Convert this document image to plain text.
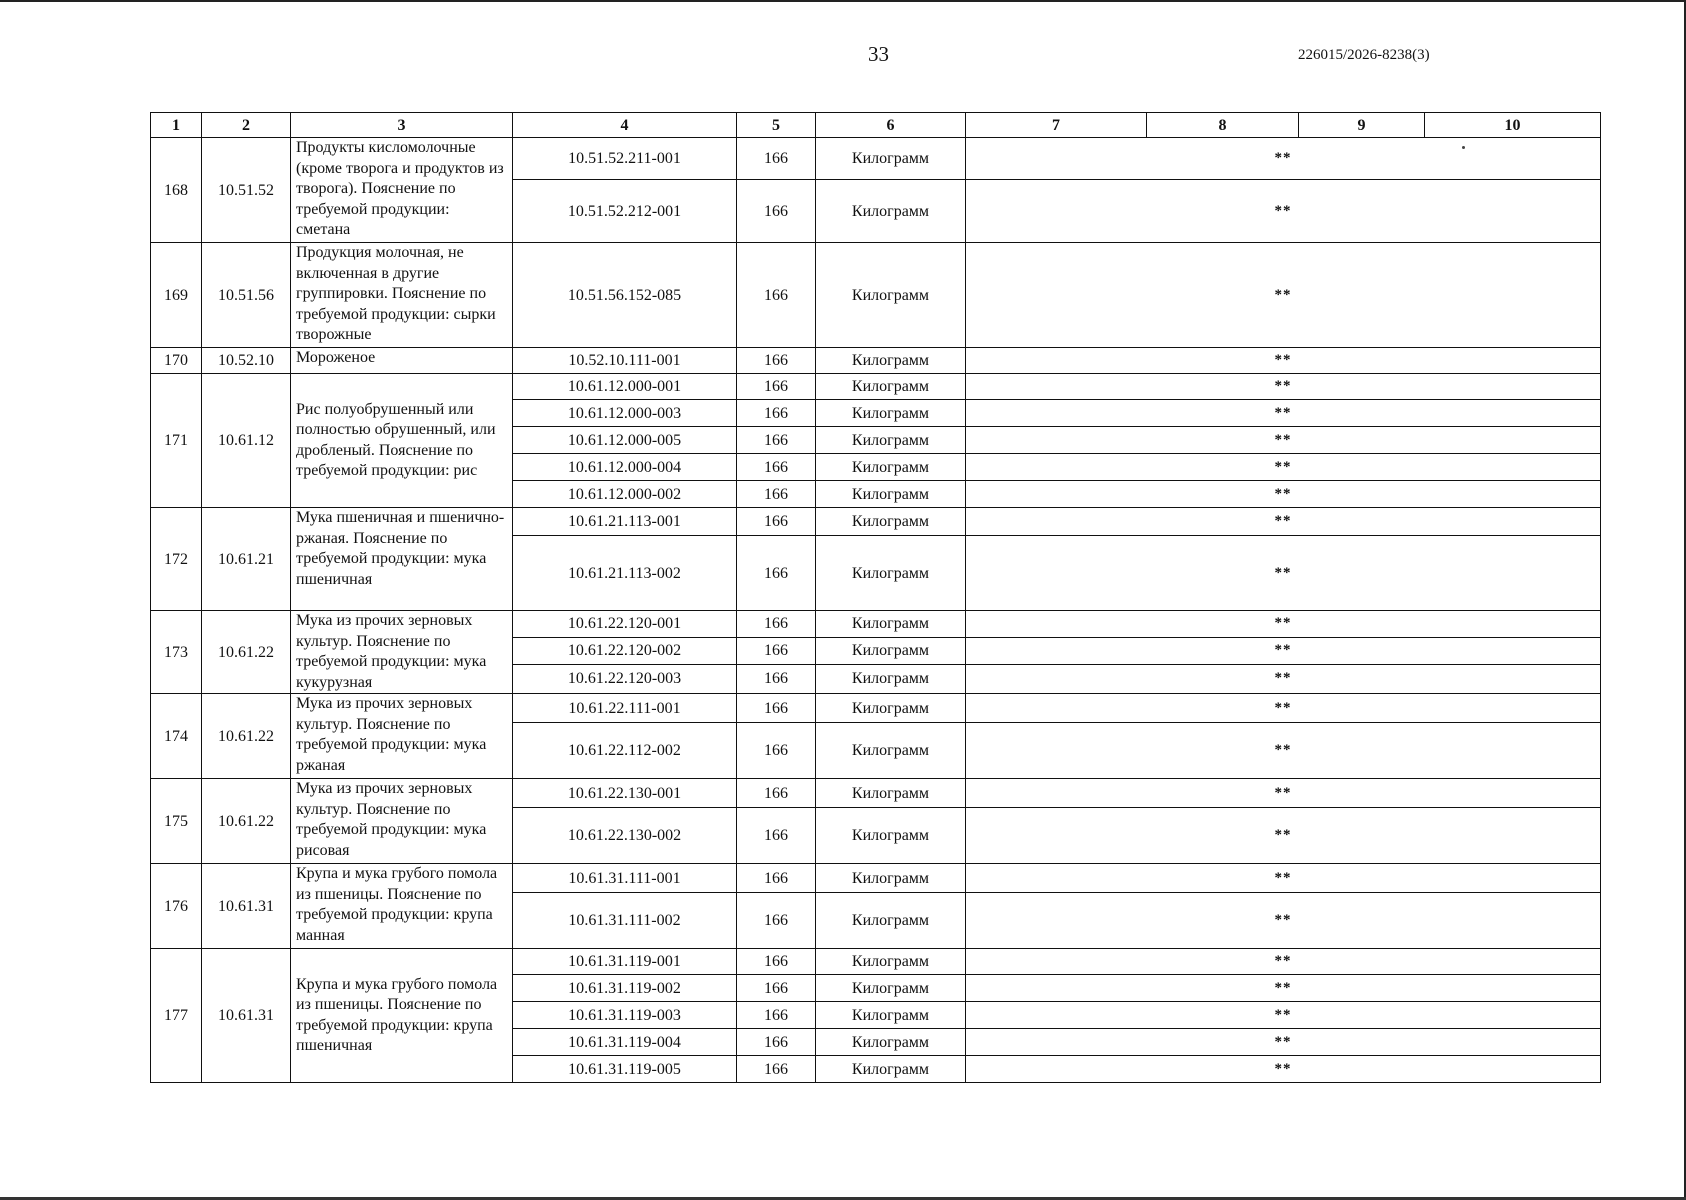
33	226015/2026-8238(3)
1	2	3	4	5	6	7	8	9	10
168	10.51.52	Продукты кисломолочные (кроме творога и продуктов из творога). Пояснение по требуемой продукции: сметана	10.51.52.211-001	166	Килограмм	**			
			10.51.52.212-001	166	Килограмм	**			
169	10.51.56	Продукция молочная, не включенная в другие группировки. Пояснение по требуемой продукции: сырки творожные	10.51.56.152-085	166	Килограмм	**			
170	10.52.10	Мороженое	10.52.10.111-001	166	Килограмм	**			
171	10.61.12	Рис полуобрушенный или полностью обрушенный, или дробленый. Пояснение по требуемой продукции: рис	10.61.12.000-001	166	Килограмм	**			
			10.61.12.000-003	166	Килограмм	**			
			10.61.12.000-005	166	Килограмм	**			
			10.61.12.000-004	166	Килограмм	**			
			10.61.12.000-002	166	Килограмм	**			
172	10.61.21	Мука пшеничная и пшенично-ржаная. Пояснение по требуемой продукции: мука пшеничная	10.61.21.113-001	166	Килограмм	**			
			10.61.21.113-002	166	Килограмм	**			
173	10.61.22	Мука из прочих зерновых культур. Пояснение по требуемой продукции: мука кукурузная	10.61.22.120-001	166	Килограмм	**			
			10.61.22.120-002	166	Килограмм	**			
			10.61.22.120-003	166	Килограмм	**			
174	10.61.22	Мука из прочих зерновых культур. Пояснение по требуемой продукции: мука ржаная	10.61.22.111-001	166	Килограмм	**			
			10.61.22.112-002	166	Килограмм	**			
175	10.61.22	Мука из прочих зерновых культур. Пояснение по требуемой продукции: мука рисовая	10.61.22.130-001	166	Килограмм	**			
			10.61.22.130-002	166	Килограмм	**			
176	10.61.31	Крупа и мука грубого помола из пшеницы. Пояснение по требуемой продукции: крупа манная	10.61.31.111-001	166	Килограмм	**			
			10.61.31.111-002	166	Килограмм	**			
177	10.61.31	Крупа и мука грубого помола из пшеницы. Пояснение по требуемой продукции: крупа пшеничная	10.61.31.119-001	166	Килограмм	**			
			10.61.31.119-002	166	Килограмм	**			
			10.61.31.119-003	166	Килограмм	**			
			10.61.31.119-004	166	Килограмм	**			
			10.61.31.119-005	166	Килограмм	**			
